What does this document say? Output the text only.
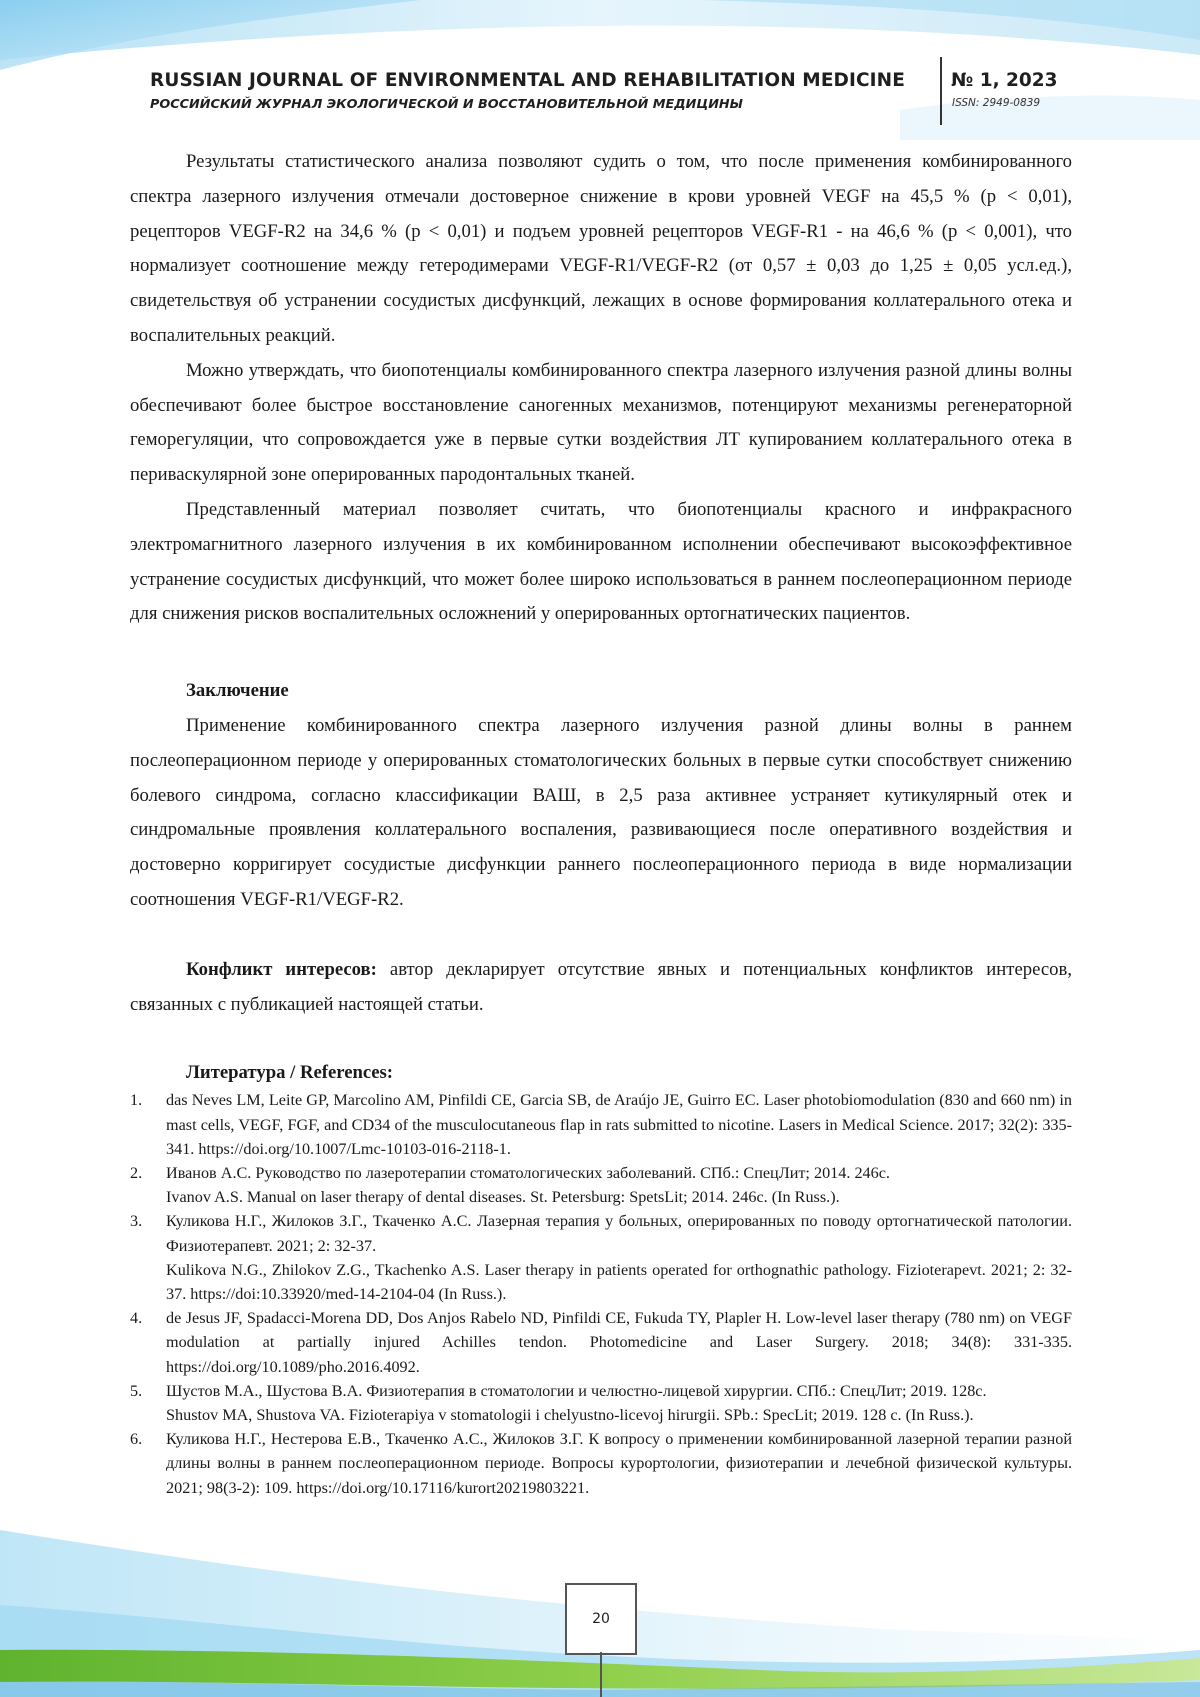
RUSSIAN JOURNAL OF ENVIRONMENTAL AND REHABILITATION MEDICINE
РОССИЙСКИЙ ЖУРНАЛ ЭКОЛОГИЧЕСКОЙ И ВОССТАНОВИТЕЛЬНОЙ МЕДИЦИНЫ
№ 1, 2023
ISSN: 2949-0839

Результаты статистического анализа позволяют судить о том, что после применения комбинированного спектра лазерного излучения отмечали достоверное снижение в крови уровней VEGF на 45,5 % (р ˂ 0,01), рецепторов VEGF-R2 на 34,6 % (р ˂ 0,01) и подъем уровней рецепторов VEGF-R1 - на 46,6 % (р ˂ 0,001), что нормализует соотношение между гетеродимерами VEGF-R1/VEGF-R2 (от 0,57 ± 0,03 до 1,25 ± 0,05 усл.ед.), свидетельствуя об устранении сосудистых дисфункций, лежащих в основе формирования коллатерального отека и воспалительных реакций.

Можно утверждать, что биопотенциалы комбинированного спектра лазерного излучения разной длины волны обеспечивают более быстрое восстановление саногенных механизмов, потенцируют механизмы регенераторной геморегуляции, что сопровождается уже в первые сутки воздействия ЛТ купированием коллатерального отека в периваскулярной зоне оперированных пародонтальных тканей.

Представленный материал позволяет считать, что биопотенциалы красного и инфракрасного электромагнитного лазерного излучения в их комбинированном исполнении обеспечивают высокоэффективное устранение сосудистых дисфункций, что может более широко использоваться в раннем послеоперационном периоде для снижения рисков воспалительных осложнений у оперированных ортогнатических пациентов.

Заключение

Применение комбинированного спектра лазерного излучения разной длины волны в раннем послеоперационном периоде у оперированных стоматологических больных в первые сутки способствует снижению болевого синдрома, согласно классификации ВАШ, в 2,5 раза активнее устраняет кутикулярный отек и синдромальные проявления коллатерального воспаления, развивающиеся после оперативного воздействия и достоверно корригирует сосудистые дисфункции раннего послеоперационного периода в виде нормализации соотношения VEGF-R1/VEGF-R2.

Конфликт интересов: автор декларирует отсутствие явных и потенциальных конфликтов интересов, связанных с публикацией настоящей статьи.

Литература / References:

1. das Neves LM, Leite GP, Marcolino AM, Pinfildi CE, Garcia SB, de Araújo JE, Guirro EC. Laser photobiomodulation (830 and 660 nm) in mast cells, VEGF, FGF, and CD34 of the musculocutaneous flap in rats submitted to nicotine. Lasers in Medical Science. 2017; 32(2): 335-341. https://doi.org/10.1007/Lmc-10103-016-2118-1.
2. Иванов А.С. Руководство по лазеротерапии стоматологических заболеваний. СПб.: СпецЛит; 2014. 246с.
Ivanov A.S. Manual on laser therapy of dental diseases. St. Petersburg: SpetsLit; 2014. 246с. (In Russ.).
3. Куликова Н.Г., Жилоков З.Г., Ткаченко А.С. Лазерная терапия у больных, оперированных по поводу ортогнатической патологии. Физиотерапевт. 2021; 2: 32-37.
Kulikova N.G., Zhilokov Z.G., Tkachenko A.S. Laser therapy in patients operated for orthognathic pathology. Fizioterapevt. 2021; 2: 32-37. https://doi:10.33920/med-14-2104-04 (In Russ.).
4. de Jesus JF, Spadacci-Morena DD, Dos Anjos Rabelo ND, Pinfildi CE, Fukuda TY, Plapler H. Low-level laser therapy (780 nm) on VEGF modulation at partially injured Achilles tendon. Photomedicine and Laser Surgery. 2018; 34(8): 331-335. https://doi.org/10.1089/pho.2016.4092.
5. Шустов М.А., Шустова В.А. Физиотерапия в стоматологии и челюстно-лицевой хирургии. СПб.: СпецЛит; 2019. 128с.
Shustov MA, Shustova VA. Fizioterapiya v stomatologii i chelyustno-licevoj hirurgii. SPb.: SpecLit; 2019. 128 с. (In Russ.).
6. Куликова Н.Г., Нестерова Е.В., Ткаченко А.С., Жилоков З.Г. К вопросу о применении комбинированной лазерной терапии разной длины волны в раннем послеоперационном периоде. Вопросы курортологии, физиотерапии и лечебной физической культуры. 2021; 98(3-2): 109. https://doi.org/10.17116/kurort20219803221.
20
